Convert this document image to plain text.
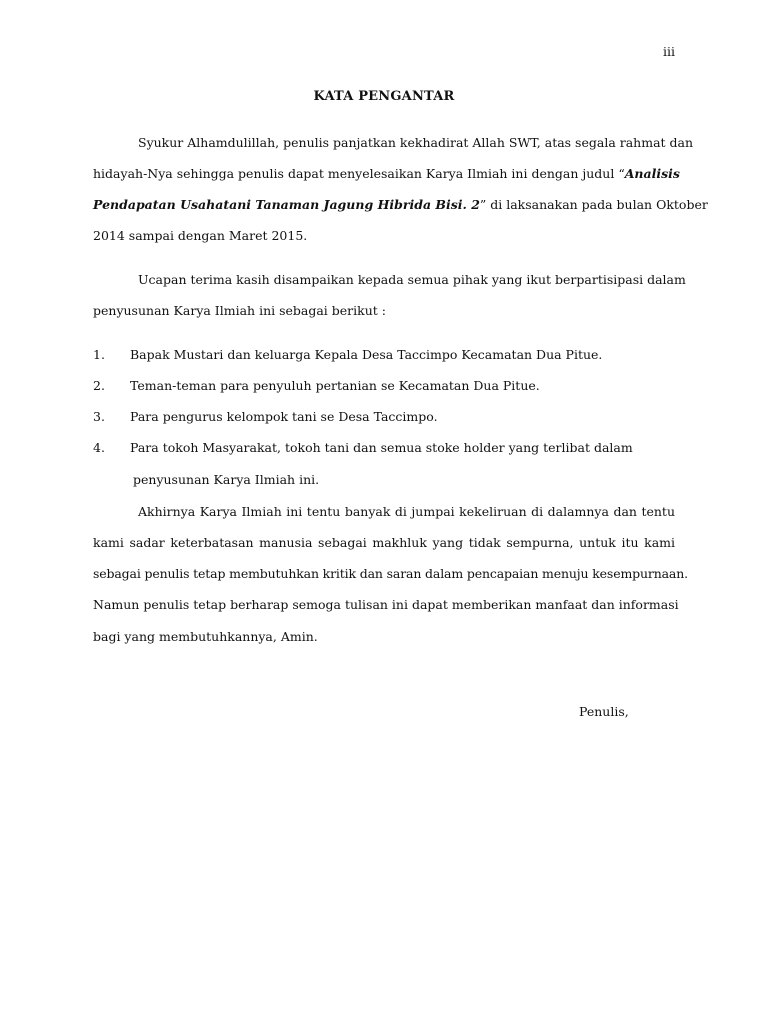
iii
KATA PENGANTAR
Syukur Alhamdulillah, penulis panjatkan kekhadirat Allah SWT, atas segala rahmat dan
hidayah-Nya sehingga penulis dapat menyelesaikan Karya Ilmiah ini dengan judul “Analisis
Pendapatan Usahatani Tanaman Jagung Hibrida Bisi. 2” di laksanakan pada bulan Oktober
2014 sampai dengan Maret 2015.
Ucapan terima kasih disampaikan kepada semua pihak yang ikut berpartisipasi dalam
penyusunan Karya Ilmiah ini sebagai berikut :
1. Bapak Mustari dan keluarga Kepala Desa Taccimpo Kecamatan Dua Pitue.
2. Teman-teman para penyuluh pertanian se Kecamatan Dua Pitue.
3. Para pengurus kelompok tani se Desa Taccimpo.
4. Para tokoh Masyarakat, tokoh tani dan semua stoke holder yang terlibat dalam
penyusunan Karya Ilmiah ini.
Akhirnya Karya Ilmiah ini tentu banyak di jumpai kekeliruan di dalamnya dan tentu
kami sadar keterbatasan manusia sebagai makhluk yang tidak sempurna, untuk itu kami
sebagai penulis tetap membutuhkan kritik dan saran dalam pencapaian menuju kesempurnaan.
Namun penulis tetap berharap semoga tulisan ini dapat memberikan manfaat dan informasi
bagi yang membutuhkannya, Amin.
Penulis,
